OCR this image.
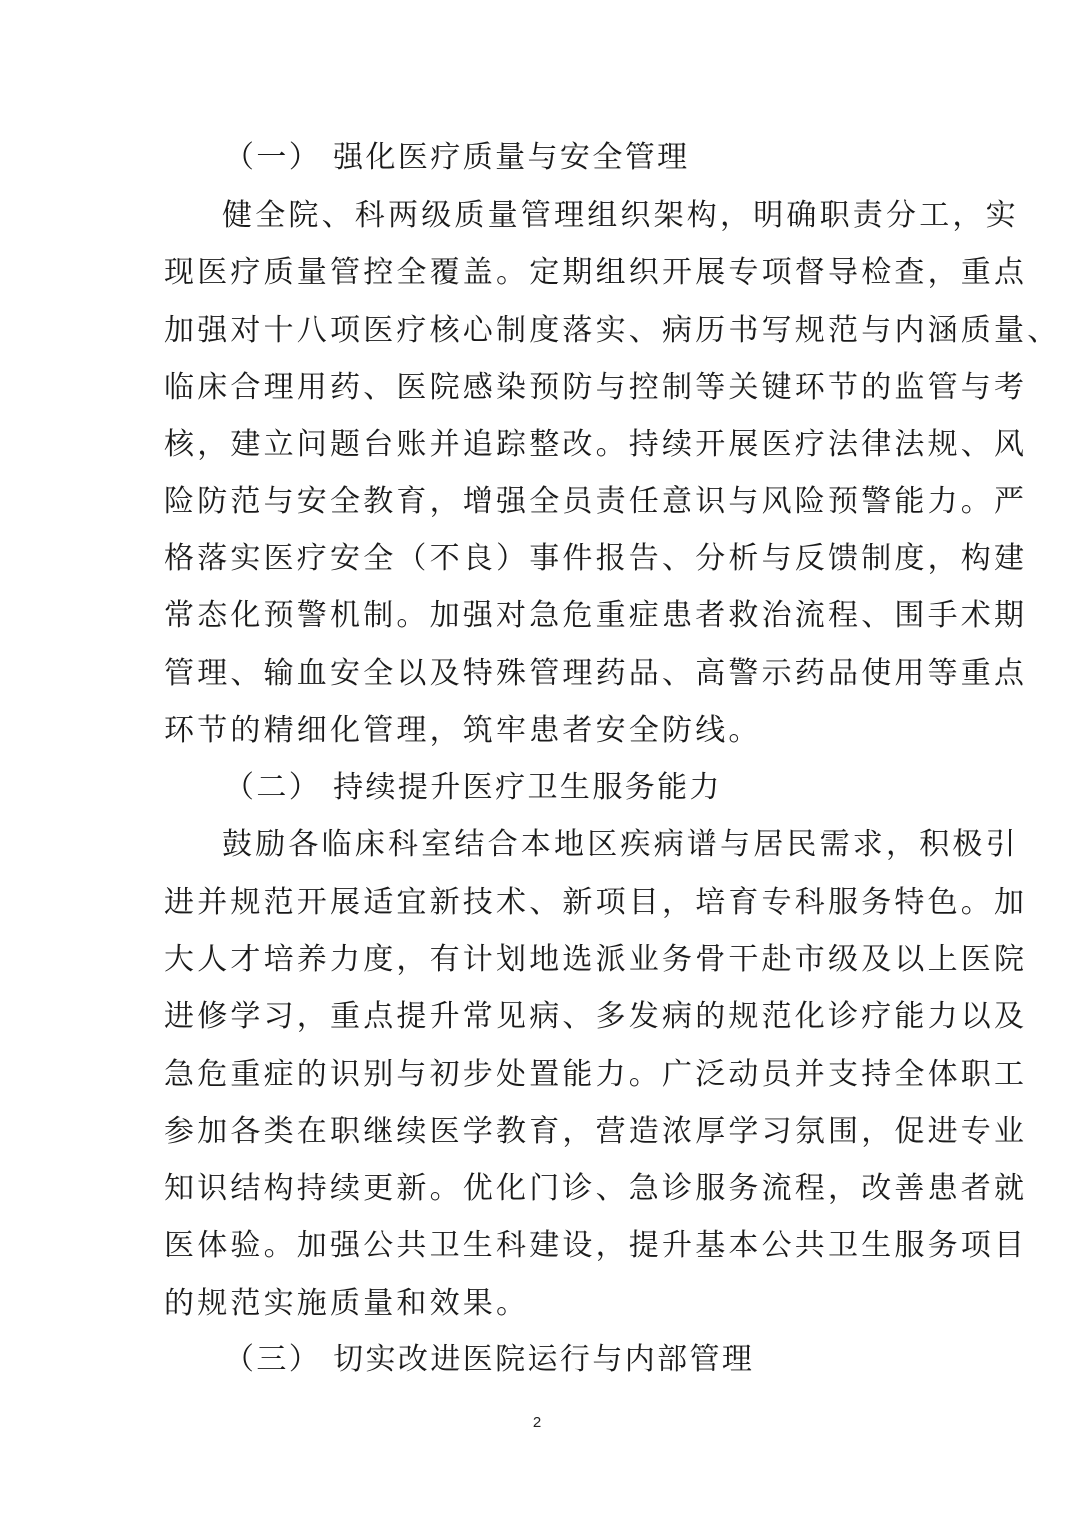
（一） 强化医疗质量与安全管理
健全院、科两级质量管理组织架构，明确职责分工，实
现医疗质量管控全覆盖。定期组织开展专项督导检查，重点
加强对十八项医疗核心制度落实、病历书写规范与内涵质量、
临床合理用药、医院感染预防与控制等关键环节的监管与考
核，建立问题台账并追踪整改。持续开展医疗法律法规、风
险防范与安全教育，增强全员责任意识与风险预警能力。严
格落实医疗安全（不良）事件报告、分析与反馈制度，构建
常态化预警机制。加强对急危重症患者救治流程、围手术期
管理、输血安全以及特殊管理药品、高警示药品使用等重点
环节的精细化管理，筑牢患者安全防线。
（二） 持续提升医疗卫生服务能力
鼓励各临床科室结合本地区疾病谱与居民需求，积极引
进并规范开展适宜新技术、新项目，培育专科服务特色。加
大人才培养力度，有计划地选派业务骨干赴市级及以上医院
进修学习，重点提升常见病、多发病的规范化诊疗能力以及
急危重症的识别与初步处置能力。广泛动员并支持全体职工
参加各类在职继续医学教育，营造浓厚学习氛围，促进专业
知识结构持续更新。优化门诊、急诊服务流程，改善患者就
医体验。加强公共卫生科建设，提升基本公共卫生服务项目
的规范实施质量和效果。
（三） 切实改进医院运行与内部管理
2
